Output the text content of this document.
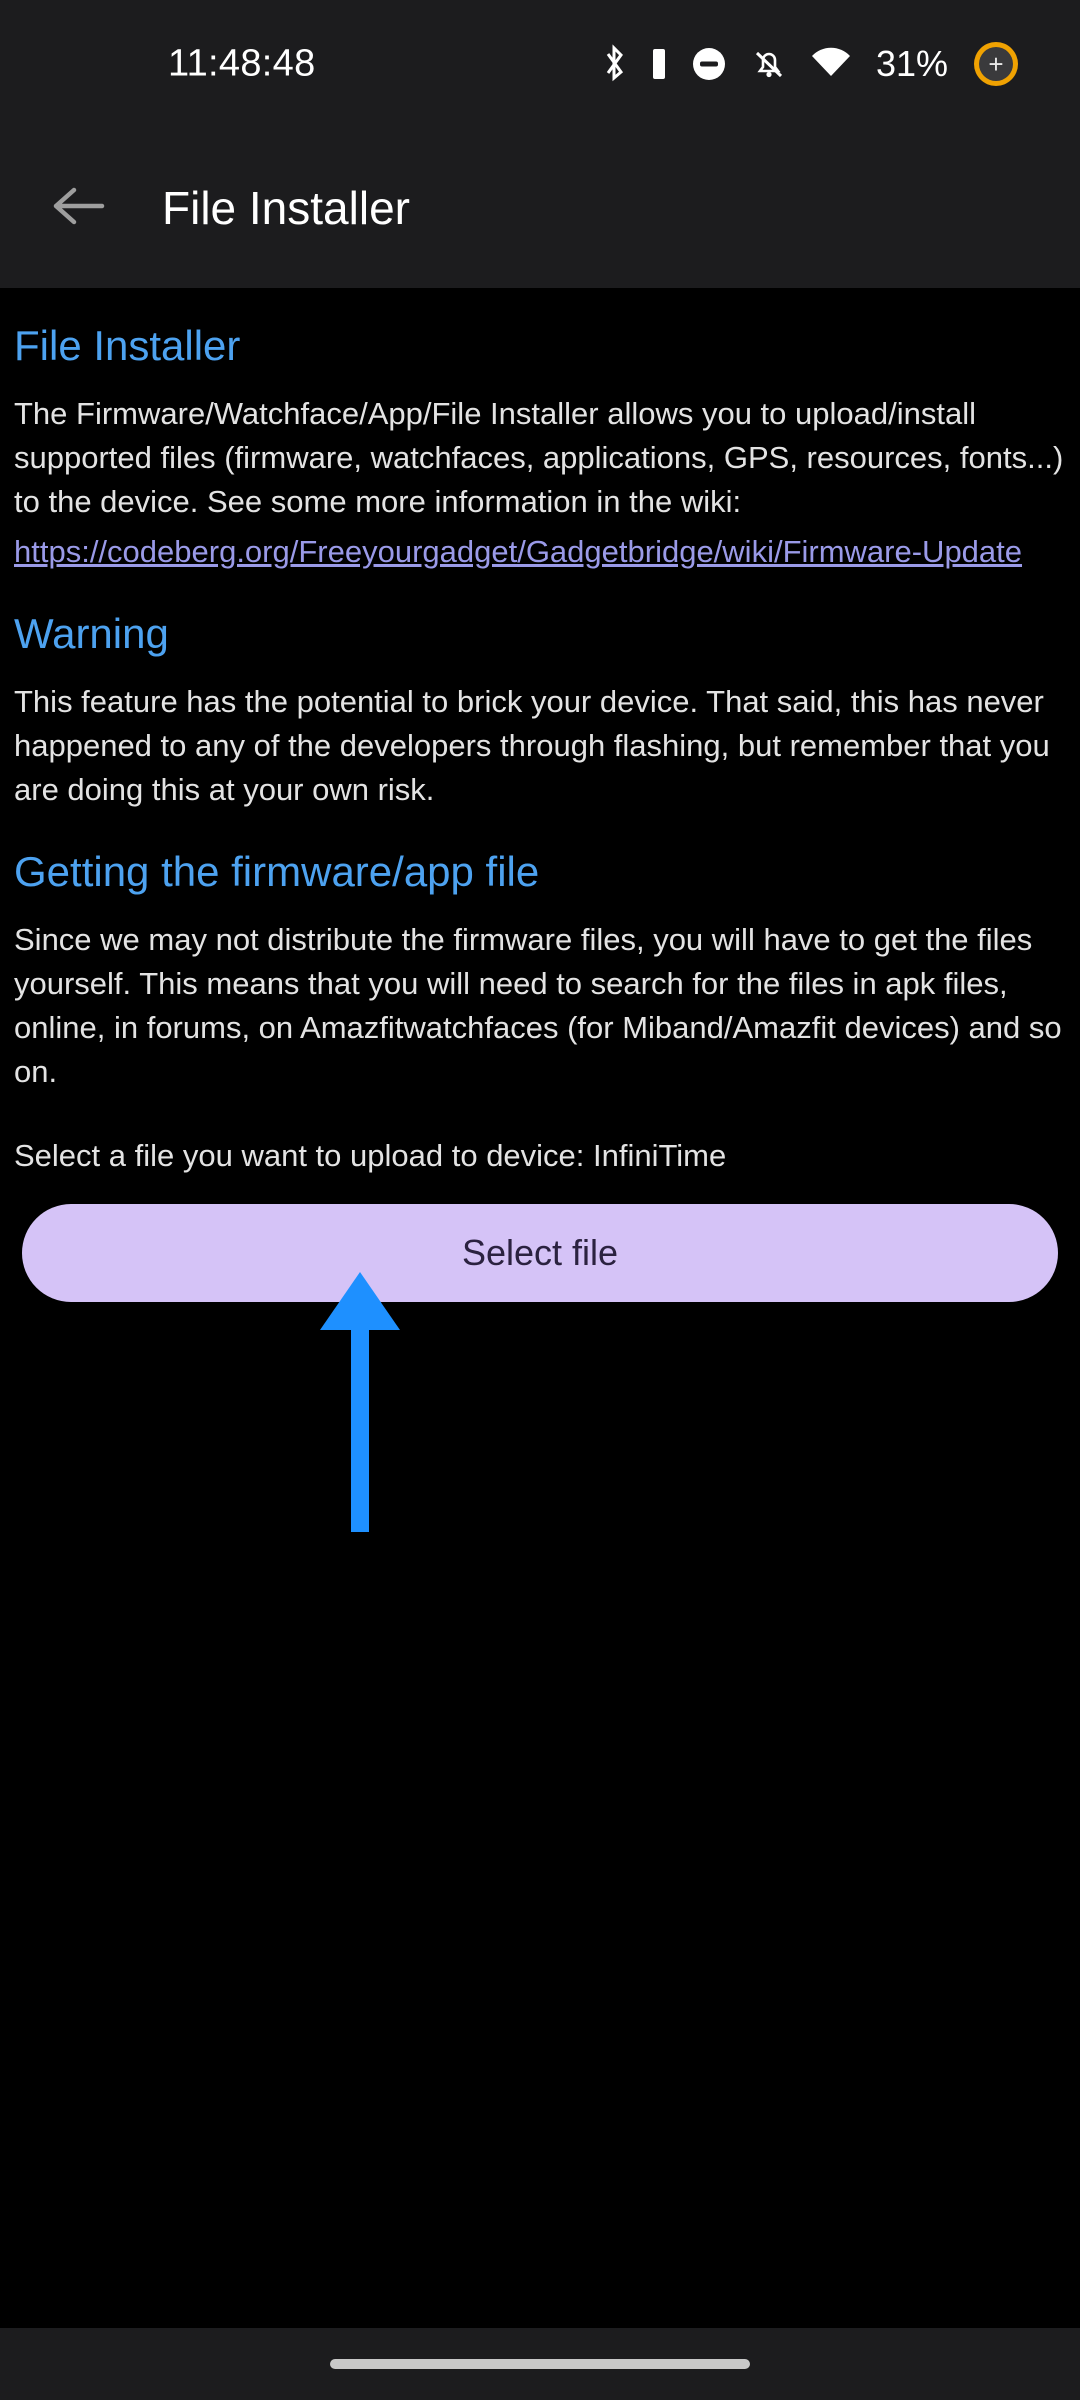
11:48:48	31%	+
File Installer
File Installer

The Firmware/Watchface/App/File Installer allows you to upload/install supported files (firmware, watchfaces, applications, GPS, resources, fonts...) to the device. See some more information in the wiki:

https://codeberg.org/Freeyourgadget/Gadgetbridge/wiki/Firmware-Update
Warning

This feature has the potential to brick your device. That said, this has never happened to any of the developers through flashing, but remember that you are doing this at your own risk.

Getting the firmware/app file

Since we may not distribute the firmware files, you will have to get the files yourself. This means that you will need to search for the files in apk files, online, in forums, on Amazfitwatchfaces (for Miband/Amazfit devices) and so on.

Select a file you want to upload to device: InfiniTime

Select file
